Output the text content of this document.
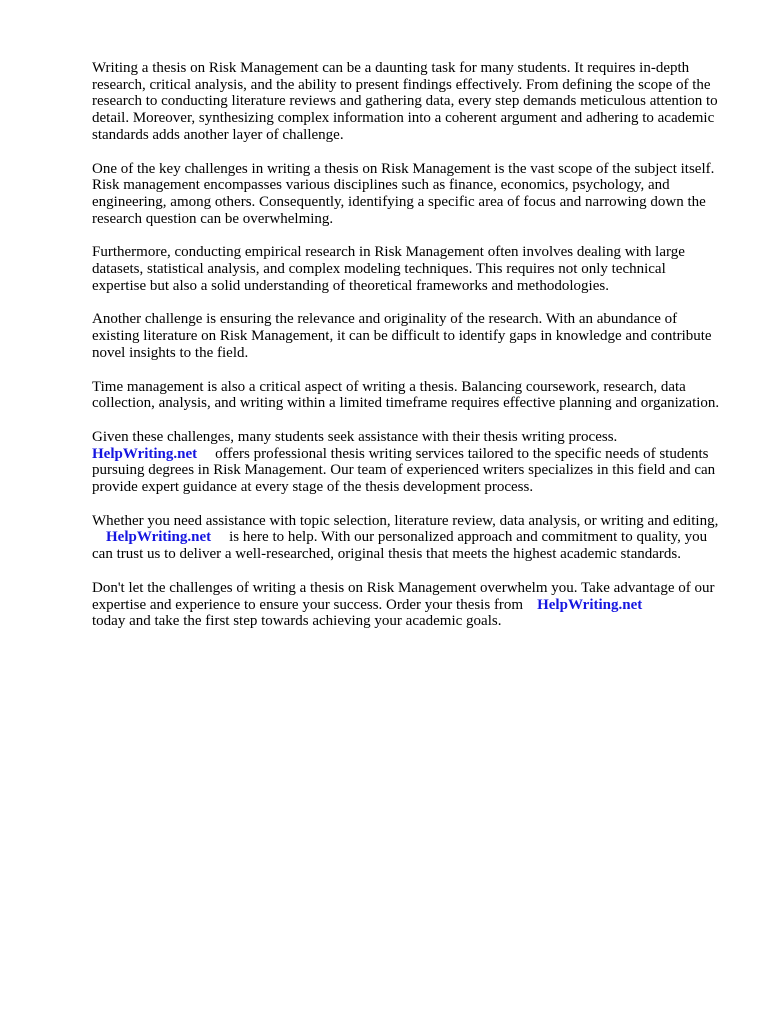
Writing a thesis on Risk Management can be a daunting task for many students. It requires in-depth research, critical analysis, and the ability to present findings effectively. From defining the scope of the research to conducting literature reviews and gathering data, every step demands meticulous attention to detail. Moreover, synthesizing complex information into a coherent argument and adhering to academic standards adds another layer of challenge.

One of the key challenges in writing a thesis on Risk Management is the vast scope of the subject itself. Risk management encompasses various disciplines such as finance, economics, psychology, and engineering, among others. Consequently, identifying a specific area of focus and narrowing down the research question can be overwhelming.

Furthermore, conducting empirical research in Risk Management often involves dealing with large datasets, statistical analysis, and complex modeling techniques. This requires not only technical expertise but also a solid understanding of theoretical frameworks and methodologies.

Another challenge is ensuring the relevance and originality of the research. With an abundance of existing literature on Risk Management, it can be difficult to identify gaps in knowledge and contribute novel insights to the field.

Time management is also a critical aspect of writing a thesis. Balancing coursework, research, data collection, analysis, and writing within a limited timeframe requires effective planning and organization.

Given these challenges, many students seek assistance with their thesis writing process.
HelpWriting.net offers professional thesis writing services tailored to the specific needs of students pursuing degrees in Risk Management. Our team of experienced writers specializes in this field and can provide expert guidance at every stage of the thesis development process.

Whether you need assistance with topic selection, literature review, data analysis, or writing and editing,HelpWriting.net is here to help. With our personalized approach and commitment to quality, you can trust us to deliver a well-researched, original thesis that meets the highest academic standards.

Don't let the challenges of writing a thesis on Risk Management overwhelm you. Take advantage of our expertise and experience to ensure your success. Order your thesis from HelpWriting.net
today and take the first step towards achieving your academic goals.
